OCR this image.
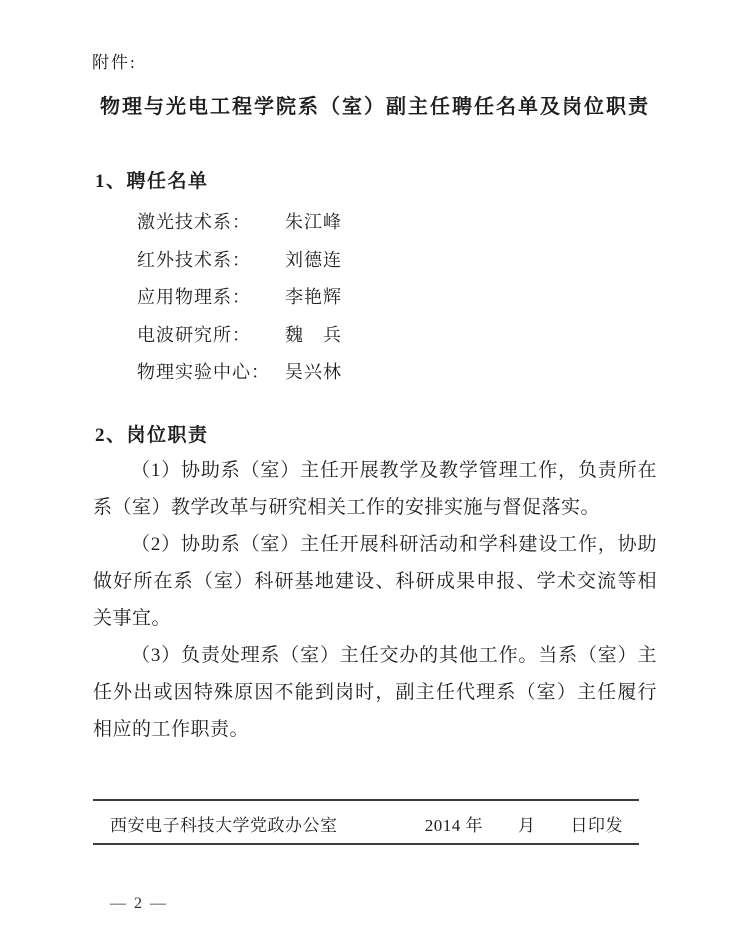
附件:
物理与光电工程学院系（室）副主任聘任名单及岗位职责
1、聘任名单
激光技术系： 朱江峰
红外技术系： 刘德连
应用物理系： 李艳辉
电波研究所： 魏　兵
物理实验中心： 吴兴林
2、岗位职责

（1）协助系（室）主任开展教学及教学管理工作，负责所在系（室）教学改革与研究相关工作的安排实施与督促落实。

（2）协助系（室）主任开展科研活动和学科建设工作，协助做好所在系（室）科研基地建设、科研成果申报、学术交流等相关事宜。

（3）负责处理系（室）主任交办的其他工作。当系（室）主任外出或因特殊原因不能到岗时，副主任代理系（室）主任履行相应的工作职责。

西安电子科技大学党政办公室	2014 年　　月　　日印发
— 2 —
